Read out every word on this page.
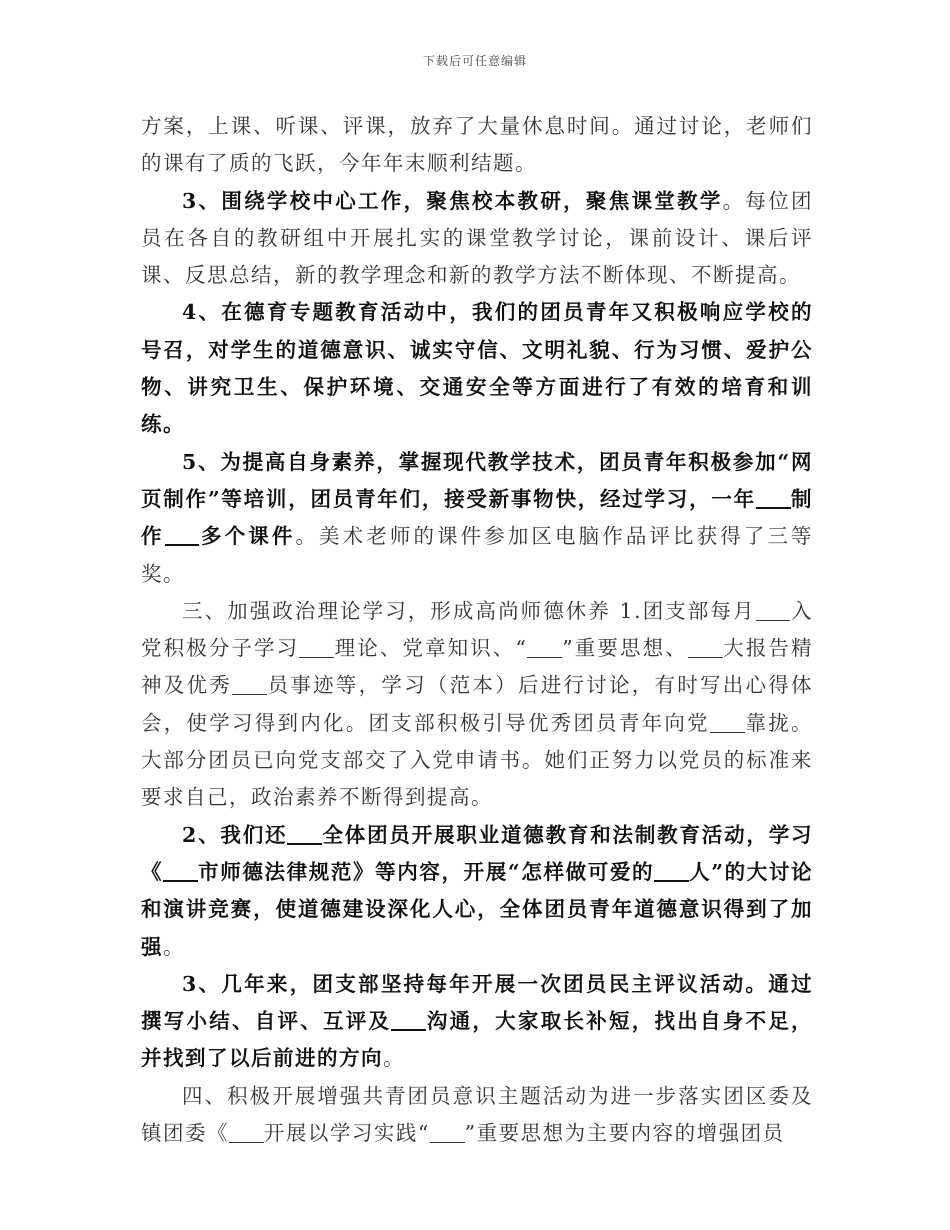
下载后可任意编辑

方案，上课、听课、评课，放弃了大量休息时间。通过讨论，老师们的课有了质的飞跃，今年年末顺利结题。

3、围绕学校中心工作，聚焦校本教研，聚焦课堂教学。每位团员在各自的教研组中开展扎实的课堂教学讨论，课前设计、课后评课、反思总结，新的教学理念和新的教学方法不断体现、不断提高。

4、在德育专题教育活动中，我们的团员青年又积极响应学校的号召，对学生的道德意识、诚实守信、文明礼貌、行为习惯、爱护公物、讲究卫生、保护环境、交通安全等方面进行了有效的培育和训练。

5、为提高自身素养，掌握现代教学技术，团员青年积极参加“网页制作”等培训，团员青年们，接受新事物快，经过学习，一年 制作 多个课件。美术老师的课件参加区电脑作品评比获得了三等奖。

三、加强政治理论学习，形成高尚师德休养 1.团支部每月 入党积极分子学习 理论、党章知识、“ ”重要思想、 大报告精神及优秀 员事迹等，学习（范本）后进行讨论，有时写出心得体会，使学习得到内化。团支部积极引导优秀团员青年向党 靠拢。大部分团员已向党支部交了入党申请书。她们正努力以党员的标准来要求自己，政治素养不断得到提高。

2、我们还 全体团员开展职业道德教育和法制教育活动，学习《 市师德法律规范》等内容，开展“怎样做可爱的 人”的大讨论和演讲竞赛，使道德建设深化人心，全体团员青年道德意识得到了加强。

3、几年来，团支部坚持每年开展一次团员民主评议活动。通过撰写小结、自评、互评及 沟通，大家取长补短，找出自身不足，并找到了以后前进的方向。

四、积极开展增强共青团员意识主题活动为进一步落实团区委及镇团委《 开展以学习实践“ ”重要思想为主要内容的增强团员
